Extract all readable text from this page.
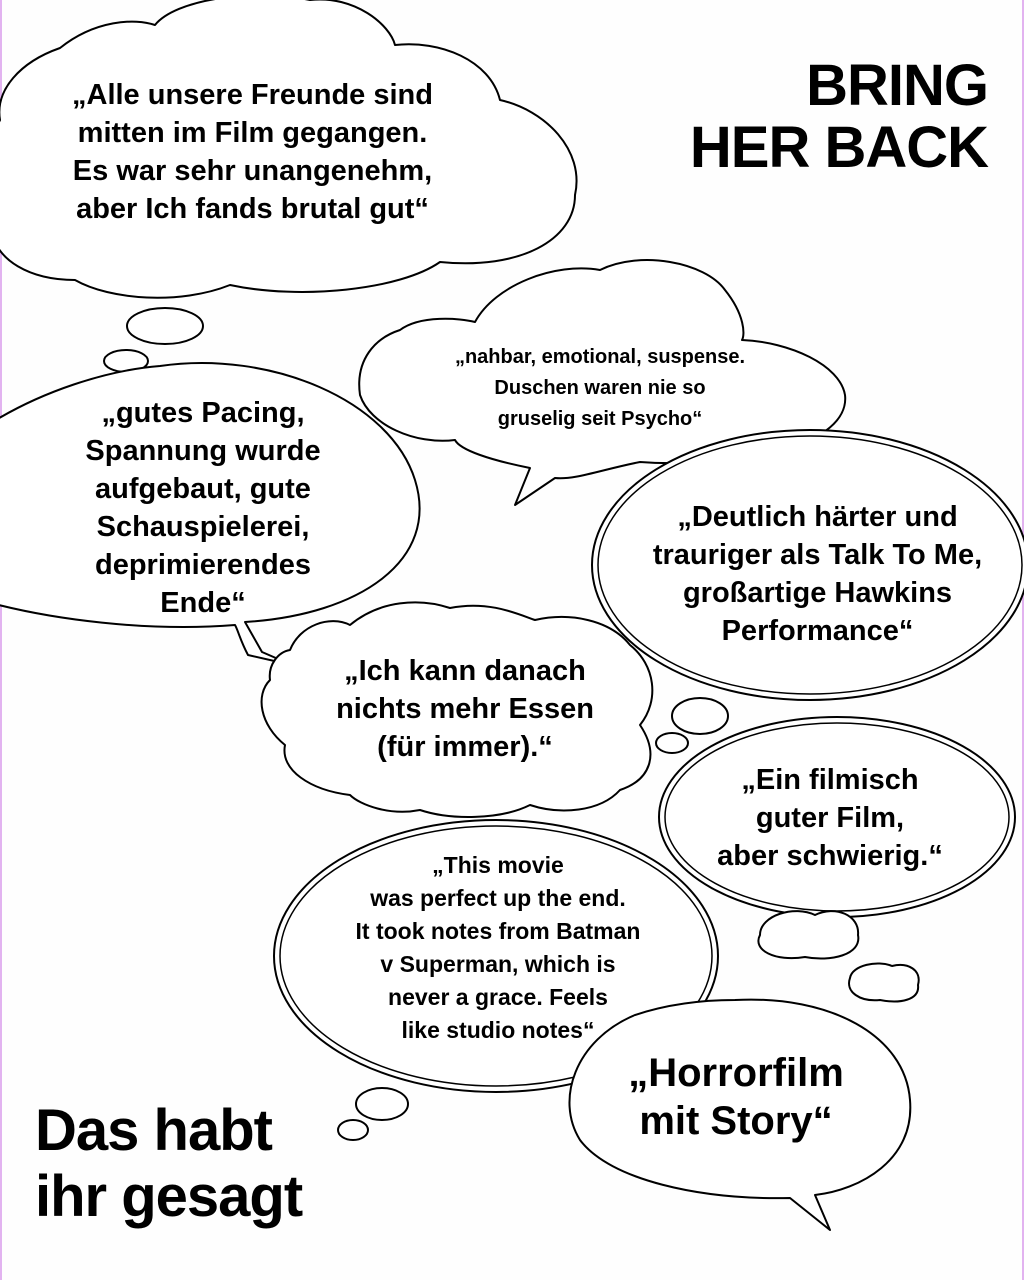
„Alle unsere Freunde sind
mitten im Film gegangen.
Es war sehr unangenehm,
aber Ich fands brutal gut“
„nahbar, emotional, suspense.
Duschen waren nie so
gruselig seit Psycho“
„gutes Pacing,
Spannung wurde
aufgebaut, gute
Schauspielerei,
deprimierendes
Ende“
„Deutlich härter und
trauriger als Talk To Me,
großartige Hawkins
Performance“
„Ich kann danach
nichts mehr Essen
(für immer).“
„Ein filmisch
guter Film,
aber schwierig.“
„This movie
was perfect up the end.
It took notes from Batman
v Superman, which is
never a grace. Feels
like studio notes“
„Horrorfilm
mit Story“
BRING
HER BACK
Das habt
ihr gesagt
